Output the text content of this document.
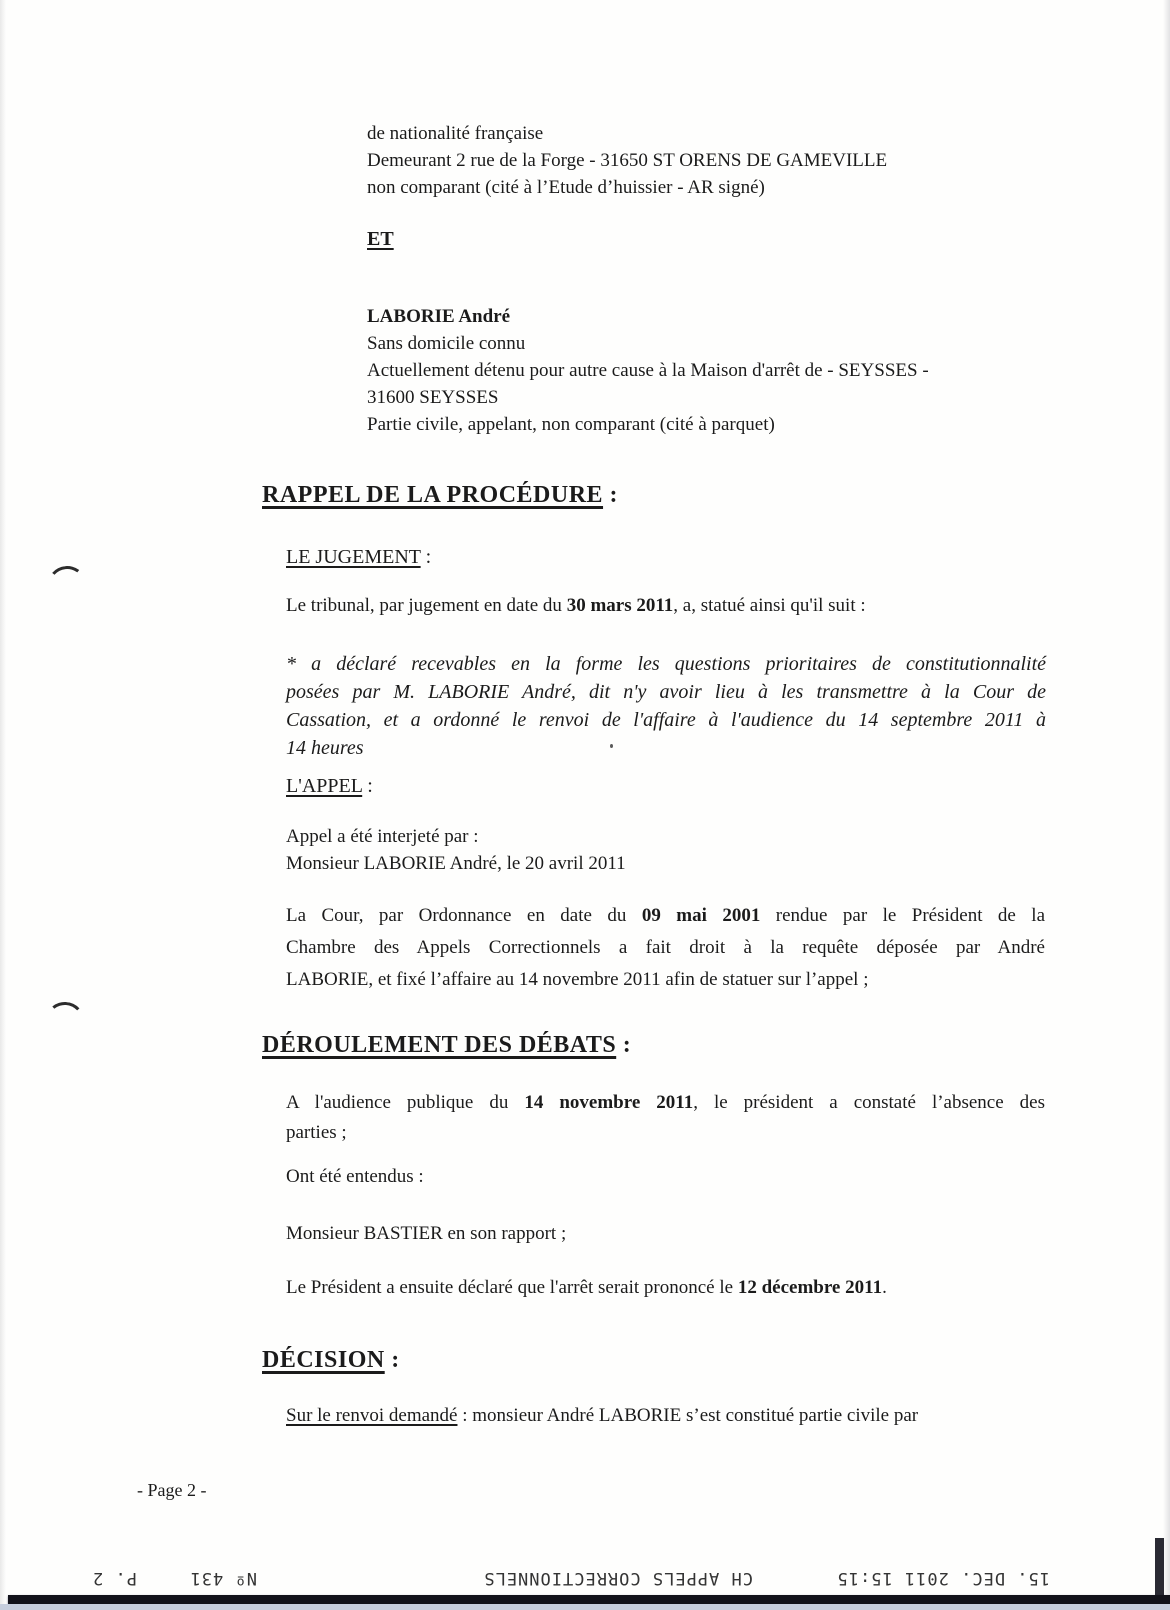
de nationalité française
Demeurant 2 rue de la Forge - 31650 ST ORENS DE GAMEVILLE
non comparant (cité à l’Etude d’huissier - AR signé)
ET
LABORIE André
Sans domicile connu
Actuellement détenu pour autre cause à la Maison d'arrêt de - SEYSSES -
31600 SEYSSES
Partie civile, appelant, non comparant (cité à parquet)
RAPPEL DE LA PROCÉDURE :
LE JUGEMENT :
Le tribunal, par jugement en date du 30 mars 2011, a, statué ainsi qu'il suit :
* a déclaré recevables en la forme les questions prioritaires de constitutionnalité
posées par M. LABORIE André, dit n'y avoir lieu à les transmettre à la Cour de
Cassation, et a ordonné le renvoi de l'affaire à l'audience du 14 septembre 2011 à
14 heures
L'APPEL :
Appel a été interjeté par :
Monsieur LABORIE André, le 20 avril 2011
La Cour, par Ordonnance en date du 09 mai 2001 rendue par le Président de la
Chambre des Appels Correctionnels a fait droit à la requête déposée par André
LABORIE, et fixé l’affaire au 14 novembre 2011 afin de statuer sur l’appel ;
DÉROULEMENT DES DÉBATS :
A l'audience publique du 14 novembre 2011, le président a constaté l’absence des
parties ;
Ont été entendus :
Monsieur BASTIER en son rapport ;
Le Président a ensuite déclaré que l'arrêt serait prononcé le 12 décembre 2011.
DÉCISION :
Sur le renvoi demandé : monsieur André LABORIE s’est constitué partie civile par
- Page 2 -
15. DEC. 2011 15:15
CH APPELS CORRECTIONNELS
Nº 431
P. 2
